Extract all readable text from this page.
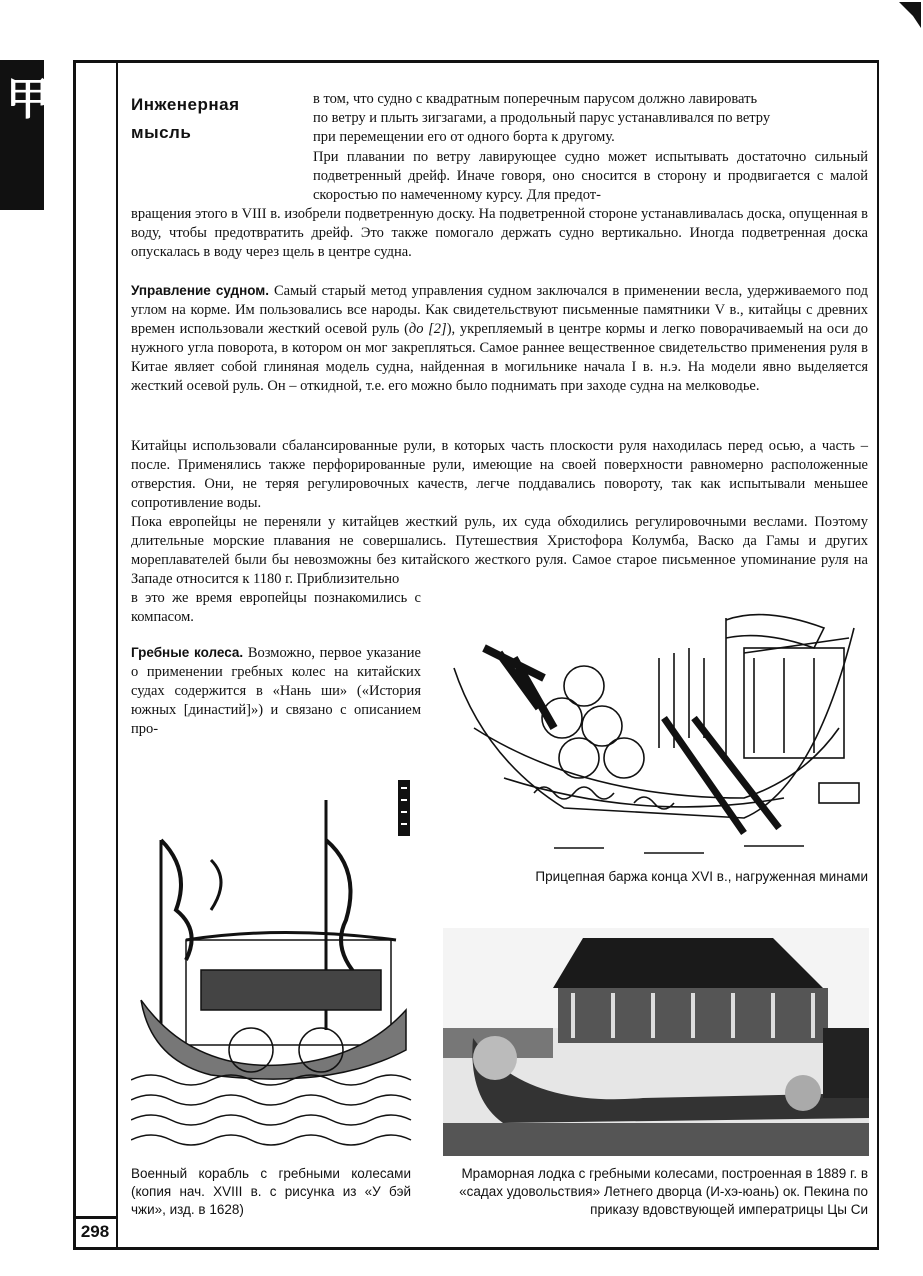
甲
298
Инженерная
мысль
в том, что судно с квадратным поперечным парусом должно лавировать
по ветру и плыть зигзагами, а продольный парус устанавливался по ветру
при перемещении его от одного борта к другому.
При плавании по ветру лавирующее судно может испытывать достаточно сильный подветренный дрейф. Иначе говоря, оно сносится в сторону и продвигается с малой скоростью по намеченному курсу. Для предот-
вращения этого в VIII в. изобрели подветренную доску. На подветренной стороне устанавливалась доска, опущенная в воду, чтобы предотвратить дрейф. Это также помогало держать судно вертикально. Иногда подветренная доска опускалась в воду через щель в центре судна.
Управление судном. Самый старый метод управления судном заключался в применении весла, удерживаемого под углом на корме. Им пользовались все народы. Как свидетельствуют письменные памятники V в., китайцы с древних времен использовали жесткий осевой руль (до [2]), укрепляемый в центре кормы и легко поворачиваемый на оси до нужного угла поворота, в котором он мог закрепляться. Самое раннее вещественное свидетельство применения руля в Китае являет собой глиняная модель судна, найденная в могильнике начала I в. н.э. На модели явно выделяется жесткий осевой руль. Он – откидной, т.е. его можно было поднимать при заходе судна на мелководье.
Китайцы использовали сбалансированные рули, в которых часть плоскости руля находилась перед осью, а часть – после. Применялись также перфорированные рули, имеющие на своей поверхности равномерно расположенные отверстия. Они, не теряя регулировочных качеств, легче поддавались повороту, так как испытывали меньшее сопротивление воды.
Пока европейцы не переняли у китайцев жесткий руль, их суда обходились регулировочными веслами. Поэтому длительные морские плавания не совершались. Путешествия Христофора Колумба, Васко да Гамы и других мореплавателей были бы невозможны без китайского жесткого руля. Самое старое письменное упоминание руля на Западе относится к 1180 г. Приблизительно
в это же время европейцы познакомились с компасом.
Гребные колеса. Возможно, первое указание о применении гребных колес на китайских судах содержится в «Нань ши» («История южных [династий]») и связано с описанием про-
Прицепная баржа конца XVI в., нагруженная минами
Военный корабль с гребными колесами (копия нач. XVIII в. с рисунка из «У бэй чжи», изд. в 1628)
Мраморная лодка с гребными колесами, построенная в 1889 г. в «садах удовольствия» Летнего дворца (И-хэ-юань) ок. Пекина по приказу вдовствующей императрицы Цы Си
